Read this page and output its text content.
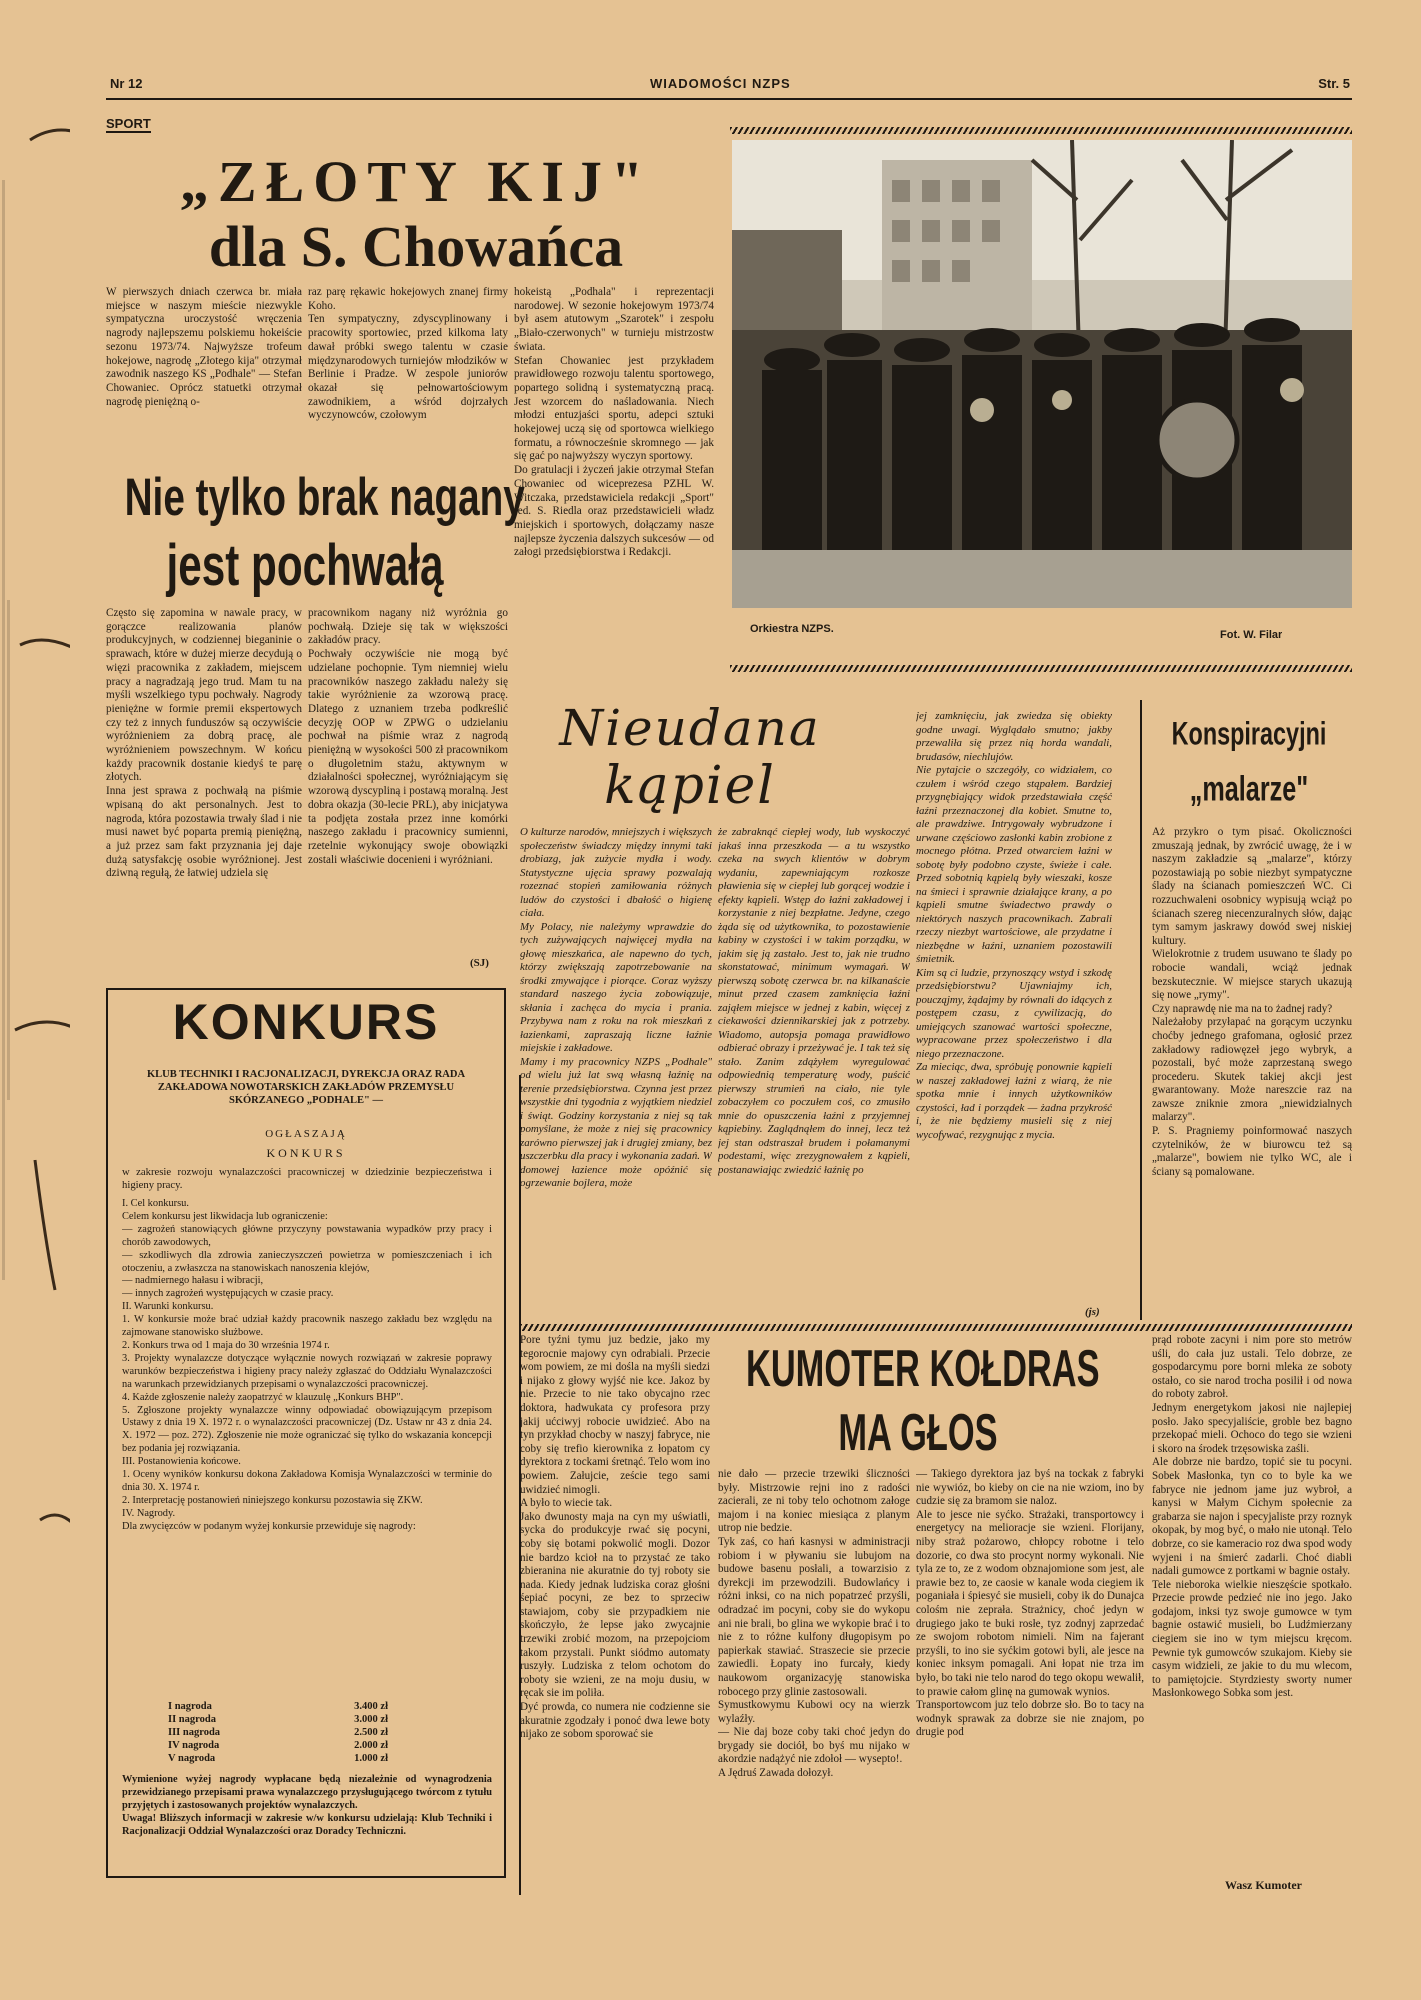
Nr 12	WIADOMOŚCI NZPS	Str. 5
SPORT
„ZŁOTY KIJ"
dla S. Chowańca
W pierwszych dniach czerwca br. miała miejsce w naszym mieście niezwykle sympatyczna uroczystość wręczenia nagrody najlepszemu polskiemu hokeiście sezonu 1973/74. Najwyższe trofeum hokejowe, nagrodę „Złotego kija" otrzymał zawodnik naszego KS „Podhale" — Stefan Chowaniec. Oprócz statuetki otrzymał nagrodę pieniężną o-
raz parę rękawic hokejowych znanej firmy Koho.
Ten sympatyczny, zdyscyplinowany i pracowity sportowiec, przed kilkoma laty dawał próbki swego talentu w czasie międzynarodowych turniejów młodzików w Berlinie i Pradze. W zespole juniorów okazał się pełnowartościowym zawodnikiem, a wśród dojrzałych wyczynowców, czołowym
hokeistą „Podhala" i reprezentacji narodowej. W sezonie hokejowym 1973/74 był asem atutowym „Szarotek" i zespołu „Biało-czerwonych" w turnieju mistrzostw świata.
Stefan Chowaniec jest przykładem prawidłowego rozwoju talentu sportowego, popartego solidną i systematyczną pracą. Jest wzorcem do naśladowania. Niech młodzi entuzjaści sportu, adepci sztuki hokejowej uczą się od sportowca wielkiego formatu, a równocześnie skromnego — jak się gać po najwyższy wyczyn sportowy.
Do gratulacji i życzeń jakie otrzymał Stefan Chowaniec od wiceprezesa PZHL W. Witczaka, przedstawiciela redakcji „Sport" red. S. Riedla oraz przedstawicieli władz miejskich i sportowych, dołączamy nasze najlepsze życzenia dalszych sukcesów — od załogi przedsiębiorstwa i Redakcji.
Orkiestra NZPS.	Fot. W. Filar
Nie tylko brak nagany
jest pochwałą
Często się zapomina w nawale pracy, w gorączce realizowania planów produkcyjnych, w codziennej bieganinie o sprawach, które w dużej mierze decydują o więzi pracownika z zakładem, miejscem pracy a nagradzają jego trud. Mam tu na myśli wszelkiego typu pochwały. Nagrody pieniężne w formie premii ekspertowych czy też z innych funduszów są oczywiście wyróżnieniem za dobrą pracę, ale wyróżnieniem powszechnym. W końcu każdy pracownik dostanie kiedyś te parę złotych.
Inna jest sprawa z pochwałą na piśmie wpisaną do akt personalnych. Jest to nagroda, która pozostawia trwały ślad i nie musi nawet być poparta premią pieniężną, a już przez sam fakt przyznania jej daje dużą satysfakcję osobie wyróżnionej. Jest dziwną regułą, że łatwiej udziela się
pracownikom nagany niż wyróżnia go pochwałą. Dzieje się tak w większości zakładów pracy.
Pochwały oczywiście nie mogą być udzielane pochopnie. Tym niemniej wielu pracowników naszego zakładu należy się takie wyróżnienie za wzorową pracę. Dlatego z uznaniem trzeba podkreślić decyzję OOP w ZPWG o udzielaniu pochwał na piśmie wraz z nagrodą pieniężną w wysokości 500 zł pracownikom o długoletnim stażu, aktywnym w działalności społecznej, wyróżniającym się wzorową dyscypliną i postawą moralną. Jest dobra okazja (30-lecie PRL), aby inicjatywa ta podjęta została przez inne komórki naszego zakładu i pracownicy sumienni, rzetelnie wykonujący swoje obowiązki zostali właściwie docenieni i wyróżniani.
(SJ)
KONKURS
KLUB TECHNIKI I RACJONALIZACJI, DYREKCJA ORAZ RADA ZAKŁADOWA NOWOTARSKICH ZAKŁADÓW PRZEMYSŁU SKÓRZANEGO „PODHALE" —
OGŁASZAJĄ
KONKURS
w zakresie rozwoju wynalazczości pracowniczej w dziedzinie bezpieczeństwa i higieny pracy.
I. Cel konkursu.
Celem konkursu jest likwidacja lub ograniczenie:
— zagrożeń stanowiących główne przyczyny powstawania wypadków przy pracy i chorób zawodowych,
— szkodliwych dla zdrowia zanieczyszczeń powietrza w pomieszczeniach i ich otoczeniu, a zwłaszcza na stanowiskach nanoszenia klejów,
— nadmiernego hałasu i wibracji,
— innych zagrożeń występujących w czasie pracy.
II. Warunki konkursu.
1. W konkursie może brać udział każdy pracownik naszego zakładu bez względu na zajmowane stanowisko służbowe.
2. Konkurs trwa od 1 maja do 30 września 1974 r.
3. Projekty wynalazcze dotyczące wyłącznie nowych rozwiązań w zakresie poprawy warunków bezpieczeństwa i higieny pracy należy zgłaszać do Oddziału Wynalazczości na warunkach przewidzianych przepisami o wynalazczości pracowniczej.
4. Każde zgłoszenie należy zaopatrzyć w klauzulę „Konkurs BHP".
5. Zgłoszone projekty wynalazcze winny odpowiadać obowiązującym przepisom Ustawy z dnia 19 X. 1972 r. o wynalazczości pracowniczej (Dz. Ustaw nr 43 z dnia 24. X. 1972 — poz. 272). Zgłoszenie nie może ograniczać się tylko do wskazania koncepcji bez podania jej rozwiązania.
III. Postanowienia końcowe.
1. Oceny wyników konkursu dokona Zakładowa Komisja Wynalazczości w terminie do dnia 30. X. 1974 r.
2. Interpretację postanowień niniejszego konkursu pozostawia się ZKW.
IV. Nagrody.
Dla zwycięzców w podanym wyżej konkursie przewiduje się nagrody:
I nagroda	3.400 zł
II nagroda	3.000 zł
III nagroda	2.500 zł
IV nagroda	2.000 zł
V nagroda	1.000 zł
Wymienione wyżej nagrody wypłacane będą niezależnie od wynagrodzenia przewidzianego przepisami prawa wynalazczego przysługującego twórcom z tytułu przyjętych i zastosowanych projektów wynalazczych.
Uwaga! Bliższych informacji w zakresie w/w konkursu udzielają: Klub Techniki i Racjonalizacji Oddział Wynalazczości oraz Doradcy Techniczni.
Nieudana
kąpiel
O kulturze narodów, mniejszych i większych społeczeństw świadczy między innymi taki drobiazg, jak zużycie mydła i wody. Statystyczne ujęcia sprawy pozwalają rozeznać stopień zamiłowania różnych ludów do czystości i dbałość o higienę ciała.
My Polacy, nie należymy wprawdzie do tych zużywających najwięcej mydła na głowę mieszkańca, ale napewno do tych, którzy zwiększają zapotrzebowanie na środki zmywające i piorące. Coraz wyższy standard naszego życia zobowiązuje, skłania i zachęca do mycia i prania. Przybywa nam z roku na rok mieszkań z łazienkami, zapraszają liczne łaźnie miejskie i zakładowe.
Mamy i my pracownicy NZPS „Podhale" od wielu już lat swą własną łaźnię na terenie przedsiębiorstwa. Czynna jest przez wszystkie dni tygodnia z wyjątkiem niedziel i świąt. Godziny korzystania z niej są tak pomyślane, że może z niej się pracownicy zarówno pierwszej jak i drugiej zmiany, bez uszczerbku dla pracy i wykonania zadań. W domowej łazience może opóźnić się ogrzewanie bojlera, może
że zabraknąć ciepłej wody, lub wyskoczyć jakaś inna przeszkoda — a tu wszystko czeka na swych klientów w dobrym wydaniu, zapewniającym rozkosze pławienia się w ciepłej lub gorącej wodzie i efekty kąpieli. Wstęp do łaźni zakładowej i korzystanie z niej bezpłatne. Jedyne, czego żąda się od użytkownika, to pozostawienie kabiny w czystości i w takim porządku, w jakim się ją zastało. Jest to, jak nie trudno skonstatować, minimum wymagań. W pierwszą sobotę czerwca br. na kilkanaście minut przed czasem zamknięcia łaźni zająłem miejsce w jednej z kabin, więcej z ciekawości dziennikarskiej jak z potrzeby. Wiadomo, autopsja pomaga prawidłowo odbierać obrazy i przeżywać je. I tak też się stało. Zanim zdążyłem wyregulować odpowiednią temperaturę wody, puścić pierwszy strumień na ciało, nie tyle zobaczyłem co poczułem coś, co zmusiło mnie do opuszczenia łaźni z przyjemnej kąpiebiny. Zaglądnąłem do innej, lecz też jej stan odstraszał brudem i połamanymi podestami, więc zrezygnowałem z kąpieli, postanawiając zwiedzić łaźnię po
jej zamknięciu, jak zwiedza się obiekty godne uwagi. Wyglądało smutno; jakby przewaliła się przez nią horda wandali, brudasów, niechlujów.
Nie pytajcie o szczegóły, co widziałem, co czułem i wśród czego stąpałem. Bardziej przygnębiający widok przedstawiała część łaźni przeznaczonej dla kobiet. Smutne to, ale prawdziwe. Intrygowały wybrudzone i urwane częściowo zasłonki kabin zrobione z mocnego płótna. Przed otwarciem łaźni w sobotę były podobno czyste, świeże i całe. Przed sobotnią kąpielą były wieszaki, kosze na śmieci i sprawnie działające krany, a po kąpieli smutne świadectwo prawdy o niektórych naszych pracownikach. Zabrali rzeczy niezbyt wartościowe, ale przydatne i niezbędne w łaźni, uznaniem pozostawili śmietnik.
Kim są ci ludzie, przynoszący wstyd i szkodę przedsiębiorstwu? Ujawniajmy ich, poucząjmy, żądajmy by równali do idących z postępem czasu, z cywilizacją, do umiejących szanować wartości społeczne, wypracowane przez społeczeństwo i dla niego przeznaczone.
Za mieciąc, dwa, spróbuję ponownie kąpieli w naszej zakładowej łaźni z wiarą, że nie spotka mnie i innych użytkowników czystości, ład i porządek — żadna przykrość i, że nie będziemy musieli się z niej wycofywać, rezygnując z mycia.
(js)
Konspiracyjni
„malarze"
Aż przykro o tym pisać. Okoliczności zmuszają jednak, by zwrócić uwagę, że i w naszym zakładzie są „malarze", którzy pozostawiają po sobie niezbyt sympatyczne ślady na ścianach pomieszczeń WC. Ci rozzuchwaleni osobnicy wypisują wciąż po ścianach szereg niecenzuralnych słów, dając tym samym jaskrawy dowód swej niskiej kultury.
Wielokrotnie z trudem usuwano te ślady po robocie wandali, wciąż jednak bezskutecznie. W miejsce starych ukazują się nowe „rymy".
Czy naprawdę nie ma na to żadnej rady?
Należałoby przyłapać na gorącym uczynku choćby jednego grafomana, ogłosić przez zakładowy radiowęzeł jego wybryk, a pozostali, być może zaprzestaną swego procederu. Skutek takiej akcji jest gwarantowany. Może nareszcie raz na zawsze zniknie zmora „niewidzialnych malarzy".
P. S. Pragniemy poinformować naszych czytelników, że w biurowcu też są „malarze", bowiem nie tylko WC, ale i ściany są pomalowane.
Pore tyźni tymu juz bedzie, jako my tegorocnie majowy cyn odrabiali. Przecie wom powiem, ze mi dośla na myśli siedzi i nijako z głowy wyjść nie kce. Jakoz by nie. Przecie to nie tako obycajno rzec doktora, hadwukata cy profesora przy jakij ućciwyj robocie uwidzieć. Abo na tyn przykład chocby w naszyj fabryce, nie coby się trefio kierownika z łopatom cy dyrektora z tockami śretnąć. Telo wom ino powiem. Załujcie, zeście tego sami uwidzieć nimogli.
A było to wiecie tak.
Jako dwunosty maja na cyn my uświatli, sycka do produkcyje rwać się pocyni, coby się botami pokwolić mogli. Dozor nie bardzo kcioł na to przystać ze tako zbieranina nie akuratnie do tyj roboty sie nada. Kiedy jednak ludziska coraz głośni śepiać pocyni, ze bez to sprzeciw stawiajom, coby sie przypadkiem nie skończyło, że lepse jako zwycajnie trzewiki zrobić mozom, na przepojciom takom przystali. Punkt siódmo automaty ruszyły. Ludziska z telom ochotom do roboty sie wzieni, ze na moju dusiu, w ręcak sie im poliła.
Dyć prowda, co numera nie codzienne sie akuratnie zgodzały i ponoć dwa lewe boty nijako ze sobom sporować sie
KUMOTER KOŁDRAS
MA GŁOS
nie dało — przecie trzewiki śliczności były. Mistrzowie rejni ino z radości zacierali, ze ni toby telo ochotnom załoge majom i na koniec miesiąca z planym utrop nie bedzie.
Tyk zaś, co hań kasnysi w administracji robiom i w pływaniu sie lubujom na budowe basenu posłali, a towarzisio z dyrekcji im przewodzili. Budowlańcy i różni inksi, co na nich popatrzeć przyśli, odradzać im pocyni, coby sie do wykopu ani nie brali, bo glina we wykopie brać i to nie z to różne kulfony długopisym po papierkak stawiać. Straszecie sie przecie zawiedli. Łopaty ino furcały, kiedy naukowom organizacyję stanowiska robocego przy glinie zastosowali.
Symustkowymu Kubowi ocy na wierzk wylaźły.
— Nie daj boze coby taki choć jedyn do brygady sie dociół, bo byś mu nijako w akordzie nadążyć nie zdołoł — wysepto!.
A Jędruś Zawada dołozył.
— Takiego dyrektora jaz byś na tockak z fabryki nie wywióz, bo kieby on cie na nie wziom, ino by cudzie się za bramom sie naloz.
Ale to jesce nie syćko. Strażaki, transportowcy i energetycy na melioracje sie wzieni. Florijany, niby straż pożarowo, chłopcy robotne i telo dozorie, co dwa sto procynt normy wykonali. Nie tyla ze to, ze z wodom obznajomione som jest, ale prawie bez to, ze caosie w kanale woda ciegiem ik poganiała i śpiesyć sie musieli, coby ik do Dunajca colośm nie zeprała. Strażnicy, choć jedyn w drugiego jako te buki rosłe, tyz zodnyj zaprzedać ze swojom robotom nimieli. Nim na fajerant przyśli, to ino sie syćkim gotowi byli, ale jesce na koniec inksym pomagali. Ani łopat nie trza im było, bo taki nie telo narod do tego okopu wewalił, to prawie całom glinę na gumowak wynios.
Transportowcom juz telo dobrze sło. Bo to tacy na wodnyk sprawak za dobrze sie nie znajom, po drugie pod
prąd robote zacyni i nim pore sto metrów uśli, do cała juz ustali. Telo dobrze, ze gospodarcymu pore borni mleka ze soboty ostało, co sie narod trocha posilił i od nowa do roboty zabroł.
Jednym energetykom jakosi nie najlepiej posło. Jako specyjaliście, groble bez bagno przekopać mieli. Ochoco do tego sie wzieni i skoro na środek trzęsowiska zaśli.
Ale dobrze nie bardzo, topić sie tu pocyni. Sobek Masłonka, tyn co to byle ka we fabryce nie jednom jame juz wybroł, a kanysi w Małym Cichym społecnie za grabarza sie najon i specyjaliste przy roznyk okopak, by mog być, o mało nie utonął. Telo dobrze, co sie kameracio roz dwa spod wody wyjeni i na śmierć zadarli. Choć diabli nadali gumowce z portkami w bagnie ostały.
Tele nieboroka wielkie nieszęście spotkało. Przecie prowde pedzieć nie ino jego. Jako godajom, inksi tyz swoje gumowce w tym bagnie ostawić musieli, bo Ludźmierzany ciegiem sie ino w tym miejscu kręcom. Pewnie tyk gumowców szukajom. Kieby sie casym widzieli, ze jakie to du mu wlecom, to pamiętojcie. Styrdziesty sworty numer Masłonkowego Sobka som jest.
Wasz Kumoter
